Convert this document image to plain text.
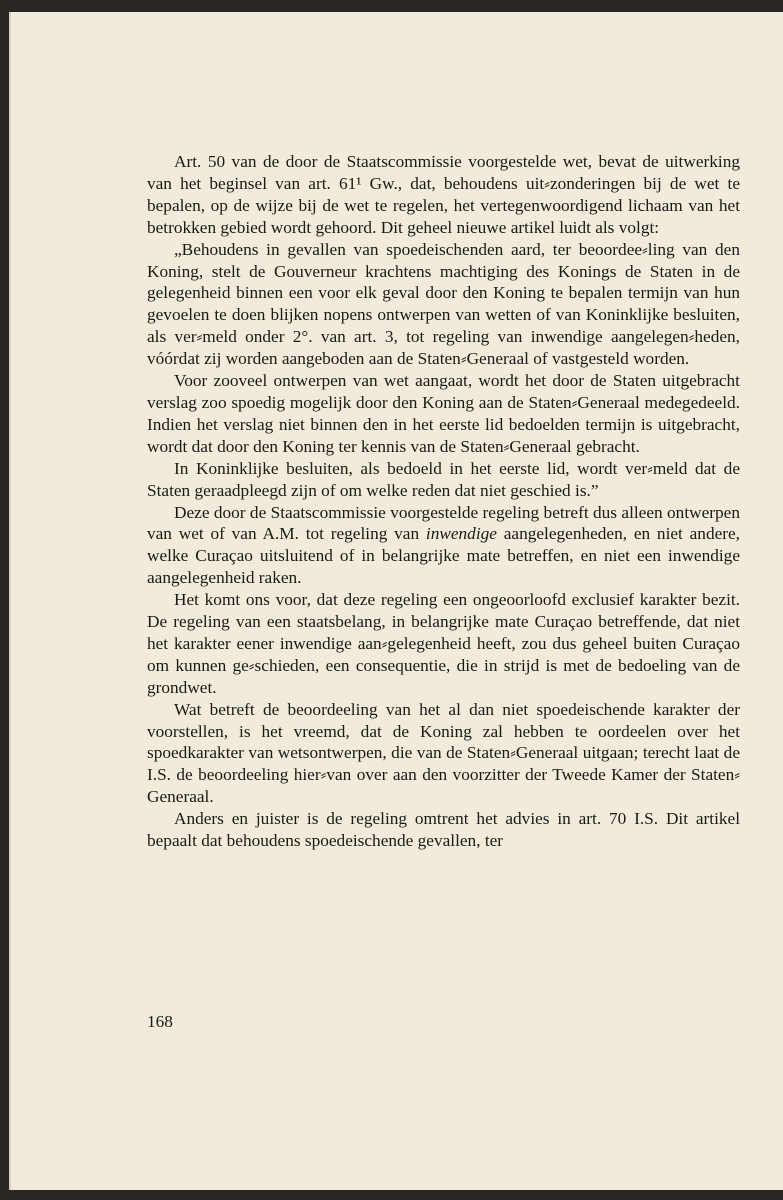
Art. 50 van de door de Staatscommissie voorgestelde wet, bevat de uitwerking van het beginsel van art. 61¹ Gw., dat, behoudens uit⸗zonderingen bij de wet te bepalen, op de wijze bij de wet te regelen, het vertegenwoordigend lichaam van het betrokken gebied wordt gehoord. Dit geheel nieuwe artikel luidt als volgt:

„Behoudens in gevallen van spoedeischenden aard, ter beoordee⸗ling van den Koning, stelt de Gouverneur krachtens machtiging des Konings de Staten in de gelegenheid binnen een voor elk geval door den Koning te bepalen termijn van hun gevoelen te doen blijken nopens ontwerpen van wetten of van Koninklijke besluiten, als ver⸗meld onder 2°. van art. 3, tot regeling van inwendige aangelegen⸗heden, vóórdat zij worden aangeboden aan de Staten⸗Generaal of vastgesteld worden.

Voor zooveel ontwerpen van wet aangaat, wordt het door de Staten uitgebracht verslag zoo spoedig mogelijk door den Koning aan de Staten⸗Generaal medegedeeld. Indien het verslag niet binnen den in het eerste lid bedoelden termijn is uitgebracht, wordt dat door den Koning ter kennis van de Staten⸗Generaal gebracht.

In Koninklijke besluiten, als bedoeld in het eerste lid, wordt ver⸗meld dat de Staten geraadpleegd zijn of om welke reden dat niet geschied is.”

Deze door de Staatscommissie voorgestelde regeling betreft dus alleen ontwerpen van wet of van A.M. tot regeling van inwendige aangelegenheden, en niet andere, welke Curaçao uitsluitend of in belangrijke mate betreffen, en niet een inwendige aangelegenheid raken.

Het komt ons voor, dat deze regeling een ongeoorloofd exclusief karakter bezit. De regeling van een staatsbelang, in belangrijke mate Curaçao betreffende, dat niet het karakter eener inwendige aan⸗gelegenheid heeft, zou dus geheel buiten Curaçao om kunnen ge⸗schieden, een consequentie, die in strijd is met de bedoeling van de grondwet.

Wat betreft de beoordeeling van het al dan niet spoedeischende karakter der voorstellen, is het vreemd, dat de Koning zal hebben te oordeelen over het spoedkarakter van wetsontwerpen, die van de Staten⸗Generaal uitgaan; terecht laat de I.S. de beoordeeling hier⸗van over aan den voorzitter der Tweede Kamer der Staten⸗Generaal.

Anders en juister is de regeling omtrent het advies in art. 70 I.S. Dit artikel bepaalt dat behoudens spoedeischende gevallen, ter

168
